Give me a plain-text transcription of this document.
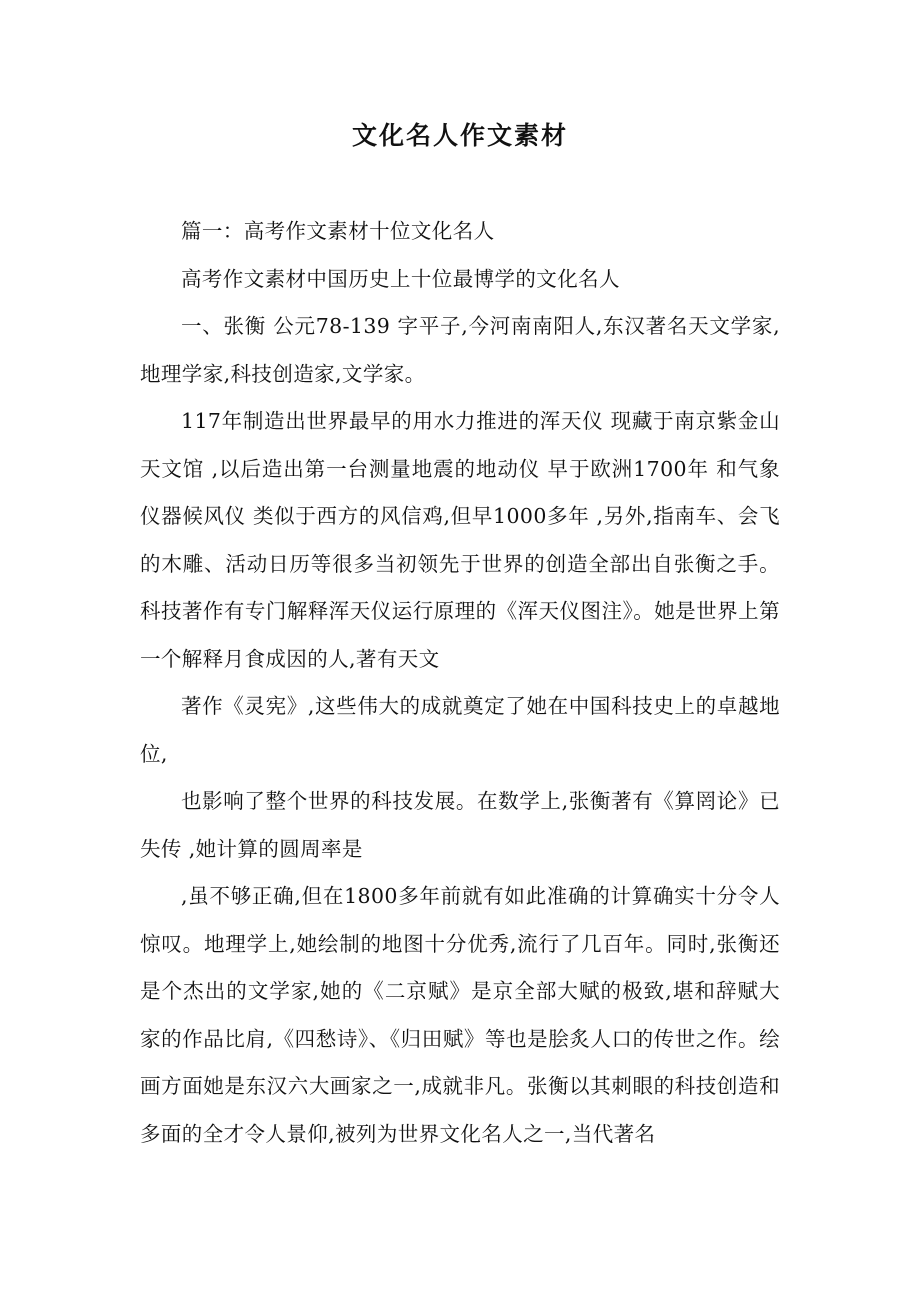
文化名人作文素材

篇一：高考作文素材十位文化名人

高考作文素材中国历史上十位最博学的文化名人

一、张衡 公元78-139 字平子,今河南南阳人,东汉著名天文学家,地理学家,科技创造家,文学家。

117年制造出世界最早的用水力推进的浑天仪 现藏于南京紫金山天文馆 ,以后造出第一台测量地震的地动仪 早于欧洲1700年 和气象仪器候风仪 类似于西方的风信鸡,但早1000多年 ,另外,指南车、会飞的木雕、活动日历等很多当初领先于世界的创造全部出自张衡之手。科技著作有专门解释浑天仪运行原理的《浑天仪图注》。她是世界上第一个解释月食成因的人,著有天文

著作《灵宪》,这些伟大的成就奠定了她在中国科技史上的卓越地位,

也影响了整个世界的科技发展。在数学上,张衡著有《算罔论》已失传 ,她计算的圆周率是

,虽不够正确,但在1800多年前就有如此准确的计算确实十分令人惊叹。地理学上,她绘制的地图十分优秀,流行了几百年。同时,张衡还是个杰出的文学家,她的《二京赋》是京全部大赋的极致,堪和辞赋大家的作品比肩,《四愁诗》、《归田赋》等也是脍炙人口的传世之作。绘画方面她是东汉六大画家之一,成就非凡。张衡以其刺眼的科技创造和多面的全才令人景仰,被列为世界文化名人之一,当代著名
